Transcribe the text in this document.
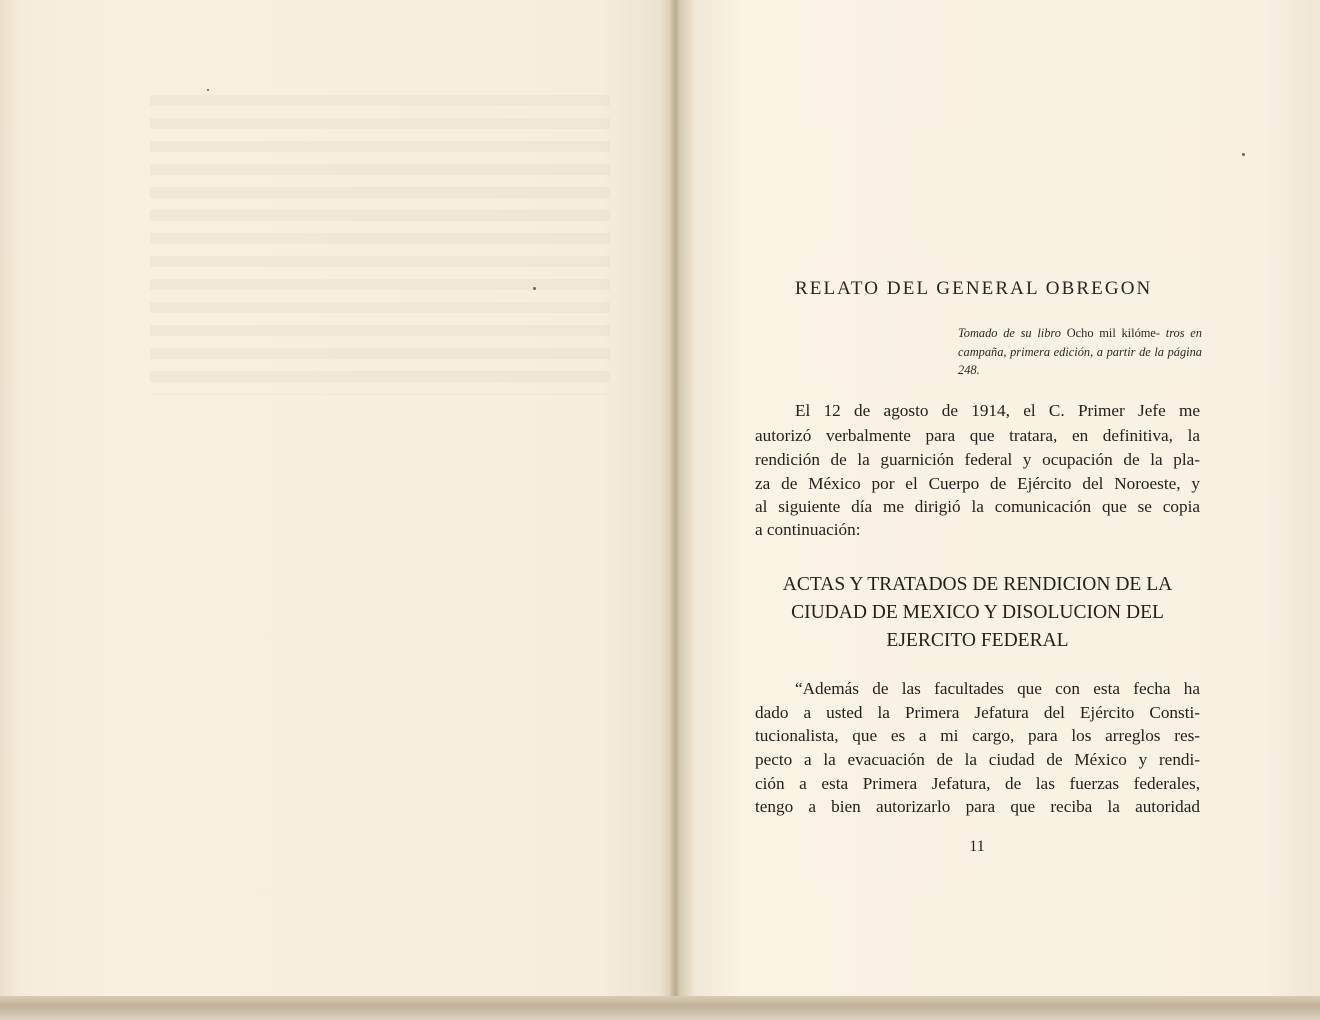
RELATO DEL GENERAL OBREGON
Tomado de su libro Ocho mil kilóme- tros en campaña, primera edición, a partir de la página 248.
El 12 de agosto de 1914, el C. Primer Jefe me
autorizó verbalmente para que tratara, en definitiva, la
rendición de la guarnición federal y ocupación de la pla-
za de México por el Cuerpo de Ejército del Noroeste, y
al siguiente día me dirigió la comunicación que se copia
a continuación:
ACTAS Y TRATADOS DE RENDICION DE LA
CIUDAD DE MEXICO Y DISOLUCION DEL
EJERCITO FEDERAL
“Además de las facultades que con esta fecha ha
dado a usted la Primera Jefatura del Ejército Consti-
tucionalista, que es a mi cargo, para los arreglos res-
pecto a la evacuación de la ciudad de México y rendi-
ción a esta Primera Jefatura, de las fuerzas federales,
tengo a bien autorizarlo para que reciba la autoridad
11
